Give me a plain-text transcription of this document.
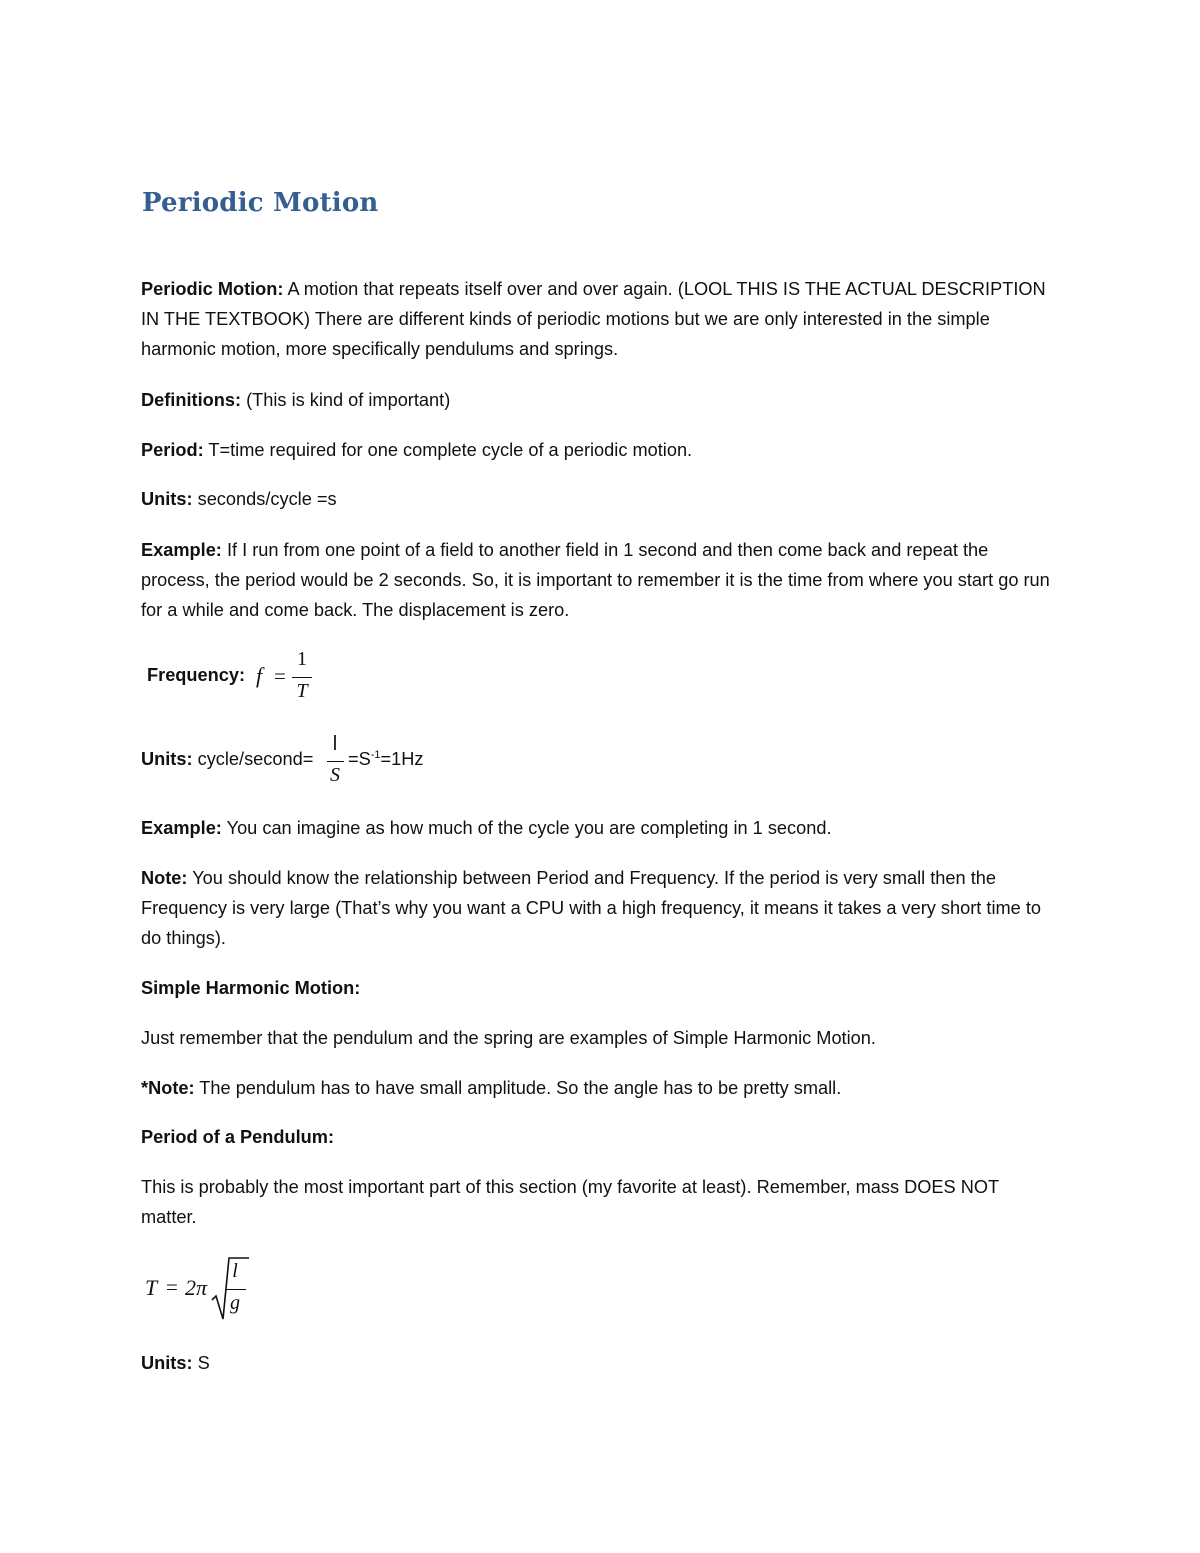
Periodic Motion

Periodic Motion: A motion that repeats itself over and over again. (LOOL THIS IS THE ACTUAL DESCRIPTION IN THE TEXTBOOK) There are different kinds of periodic motions but we are only interested in the simple harmonic motion, more specifically pendulums and springs.

Definitions: (This is kind of important)

Period: T=time required for one complete cycle of a periodic motion.

Units: seconds/cycle =s

Example: If I run from one point of a field to another field in 1 second and then come back and repeat the process, the period would be 2 seconds. So, it is important to remember it is the time from where you start go run for a while and come back. The displacement is zero.

Frequency: f =
1
T
Units: cycle/second=
l
S
$=S^{-1}=1Hz$

Example: You can imagine as how much of the cycle you are completing in 1 second.

Note: You should know the relationship between Period and Frequency. If the period is very small then the Frequency is very large (That’s why you want a CPU with a high frequency, it means it takes a very short time to do things).

Simple Harmonic Motion:

Just remember that the pendulum and the spring are examples of Simple Harmonic Motion.

*Note: The pendulum has to have small amplitude. So the angle has to be pretty small.

Period of a Pendulum:

This is probably the most important part of this section (my favorite at least). Remember, mass DOES NOT matter.

T = 2π
l
g

Units: S
